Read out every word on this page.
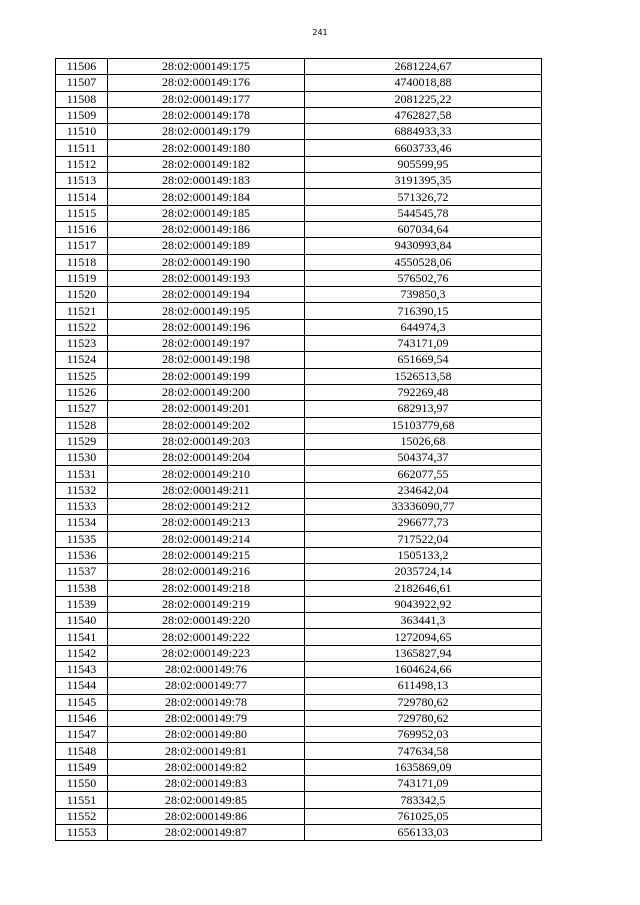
241
11506	28:02:000149:175	2681224,67
11507	28:02:000149:176	4740018,88
11508	28:02:000149:177	2081225,22
11509	28:02:000149:178	4762827,58
11510	28:02:000149:179	6884933,33
11511	28:02:000149:180	6603733,46
11512	28:02:000149:182	905599,95
11513	28:02:000149:183	3191395,35
11514	28:02:000149:184	571326,72
11515	28:02:000149:185	544545,78
11516	28:02:000149:186	607034,64
11517	28:02:000149:189	9430993,84
11518	28:02:000149:190	4550528,06
11519	28:02:000149:193	576502,76
11520	28:02:000149:194	739850,3
11521	28:02:000149:195	716390,15
11522	28:02:000149:196	644974,3
11523	28:02:000149:197	743171,09
11524	28:02:000149:198	651669,54
11525	28:02:000149:199	1526513,58
11526	28:02:000149:200	792269,48
11527	28:02:000149:201	682913,97
11528	28:02:000149:202	15103779,68
11529	28:02:000149:203	15026,68
11530	28:02:000149:204	504374,37
11531	28:02:000149:210	662077,55
11532	28:02:000149:211	234642,04
11533	28:02:000149:212	33336090,77
11534	28:02:000149:213	296677,73
11535	28:02:000149:214	717522,04
11536	28:02:000149:215	1505133,2
11537	28:02:000149:216	2035724,14
11538	28:02:000149:218	2182646,61
11539	28:02:000149:219	9043922,92
11540	28:02:000149:220	363441,3
11541	28:02:000149:222	1272094,65
11542	28:02:000149:223	1365827,94
11543	28:02:000149:76	1604624,66
11544	28:02:000149:77	611498,13
11545	28:02:000149:78	729780,62
11546	28:02:000149:79	729780,62
11547	28:02:000149:80	769952,03
11548	28:02:000149:81	747634,58
11549	28:02:000149:82	1635869,09
11550	28:02:000149:83	743171,09
11551	28:02:000149:85	783342,5
11552	28:02:000149:86	761025,05
11553	28:02:000149:87	656133,03
